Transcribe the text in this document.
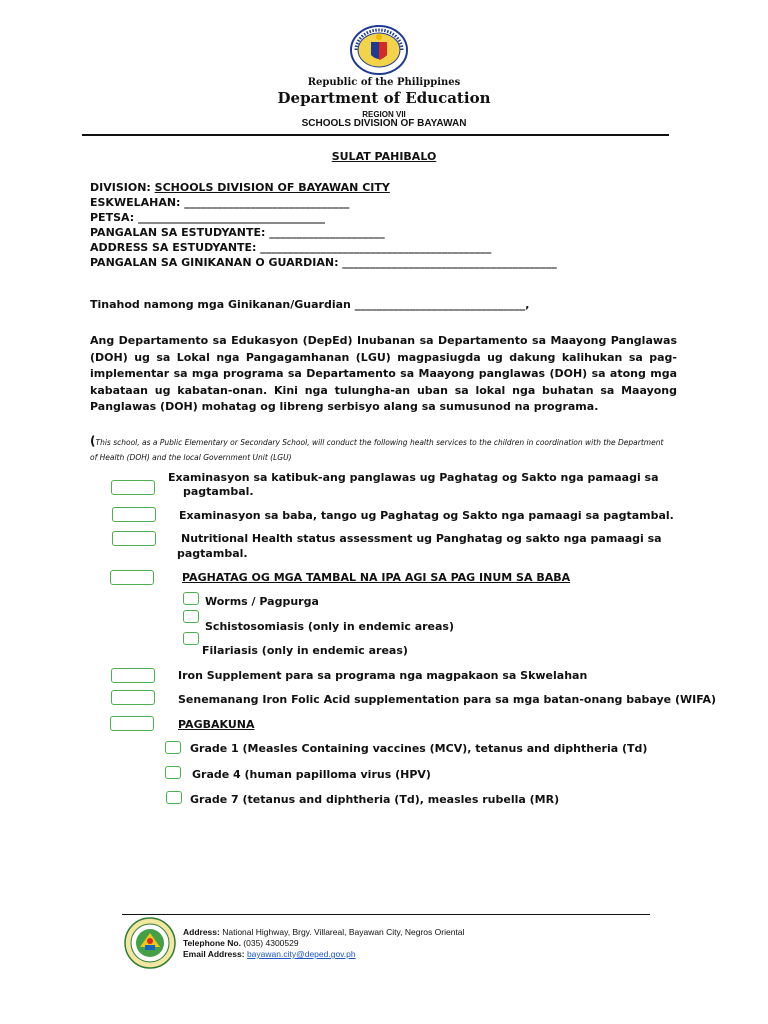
Republic of the Philippines
Department of Education
REGION VII
SCHOOLS DIVISION OF BAYAWAN
SULAT PAHIBALO
DIVISION: SCHOOLS DIVISION OF BAYAWAN CITY
ESKWELAHAN: ______________________________
PETSA: __________________________________
PANGALAN SA ESTUDYANTE: _____________________
ADDRESS SA ESTUDYANTE: __________________________________________
PANGALAN SA GINIKANAN O GUARDIAN: _______________________________________
Tinahod namong mga Ginikanan/Guardian _______________________________,
Ang Departamento sa Edukasyon (DepEd) Inubanan sa Departamento sa Maayong Panglawas (DOH) ug sa Lokal nga Pangagamhanan (LGU) magpasiugda ug dakung kalihukan sa pag-implementar sa mga programa sa Departamento sa Maayong panglawas (DOH) sa atong mga kabataan ug kabatan-onan. Kini nga tulungha-an uban sa lokal nga buhatan sa Maayong Panglawas (DOH) mohatag og libreng serbisyo alang sa sumusunod na programa.
(This school, as a Public Elementary or Secondary School, will conduct the following health services to the children in coordination with the Department of Health (DOH) and the local Government Unit (LGU)
Examinasyon sa katibuk-ang panglawas ug Paghatag og Sakto nga pamaagi sa
pagtambal.
Examinasyon sa baba, tango ug Paghatag og Sakto nga pamaagi sa pagtambal.
Nutritional Health status assessment ug Panghatag og sakto nga pamaagi sa
pagtambal.
PAGHATAG OG MGA TAMBAL NA IPA AGI SA PAG INUM SA BABA
Worms / Pagpurga
Schistosomiasis (only in endemic areas)
Filariasis (only in endemic areas)
Iron Supplement para sa programa nga magpakaon sa Skwelahan
Senemanang Iron Folic Acid supplementation para sa mga batan-onang babaye (WIFA)
PAGBAKUNA
Grade 1 (Measles Containing vaccines (MCV), tetanus and diphtheria (Td)
Grade 4 (human papilloma virus (HPV)
Grade 7 (tetanus and diphtheria (Td), measles rubella (MR)
Address: National Highway, Brgy. Villareal, Bayawan City, Negros Oriental
Telephone No. (035) 4300529
Email Address: bayawan.city@deped.gov.ph
